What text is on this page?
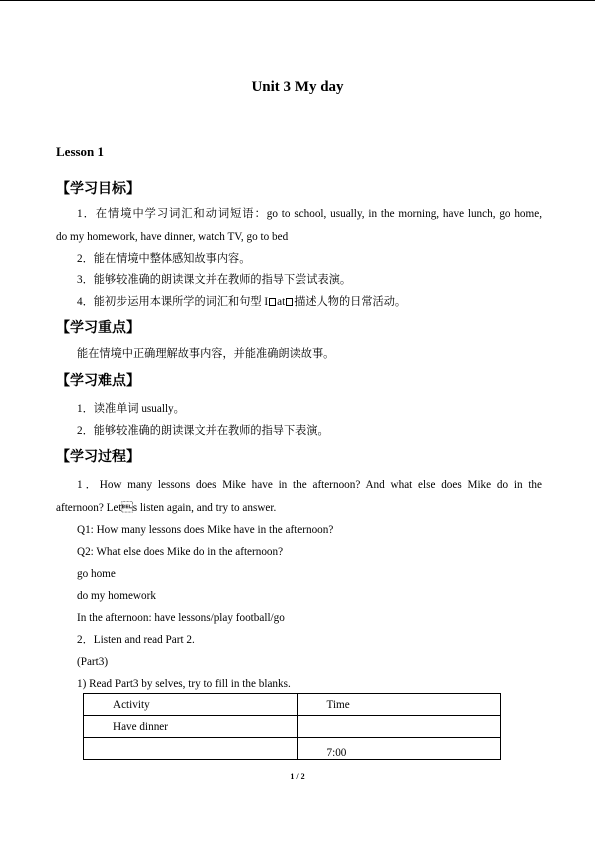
Unit 3 My day
Lesson 1
【学习目标】
1．在情境中学习词汇和动词短语：go to school, usually, in the morning, have lunch, go home,
do my homework, have dinner, watch TV, go to bed
2．能在情境中整体感知故事内容。
3．能够较准确的朗读课文并在教师的指导下尝试表演。
4．能初步运用本课所学的词汇和句型 I at 描述人物的日常活动。
【学习重点】
能在情境中正确理解故事内容，并能准确朗读故事。
【学习难点】
1．读准单词 usually。
2．能够较准确的朗读课文并在教师的指导下表演。
【学习过程】
1．How many lessons does Mike have in the afternoon? And what else does Mike do in the
afternoon? Lets listen again, and try to answer.
Q1: How many lessons does Mike have in the afternoon?
Q2: What else does Mike do in the afternoon?
go home
do my homework
In the afternoon: have lessons/play football/go
2．Listen and read Part 2.
(Part3)
1) Read Part3 by selves, try to fill in the blanks.
Activity	Time
Have dinner	
	7:00
1 / 2
